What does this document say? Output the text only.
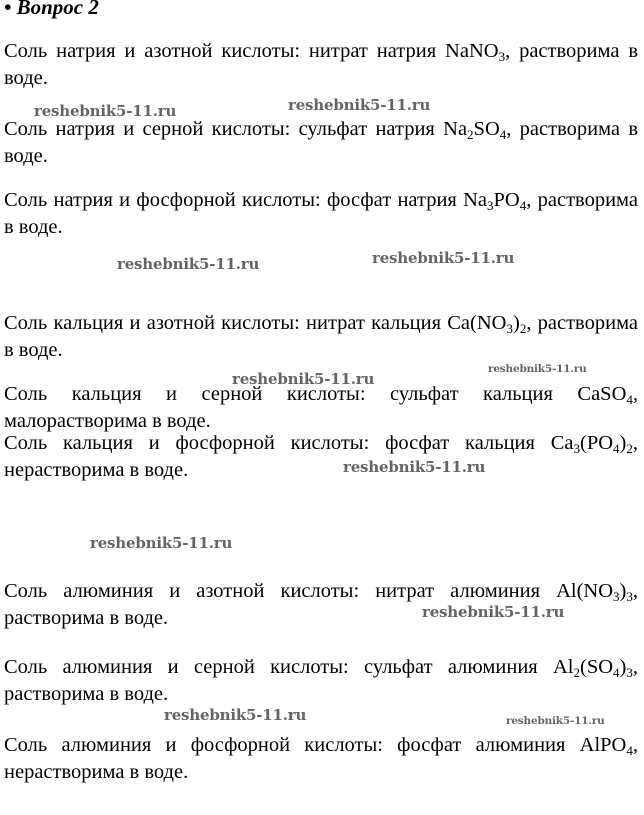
• Вопрос 2
Соль натрия и азотной кислоты: нитрат натрия NaNO$_3$, растворима в воде.
Соль натрия и серной кислоты: сульфат натрия $Na_2SO_4$, растворима в воде.
Соль натрия и фосфорной кислоты: фосфат натрия $Na_3PO_4$, растворима в воде.
Соль кальция и азотной кислоты: нитрат кальция $Ca(NO_3)_2$, растворима в воде.
Соль кальция и серной кислоты: сульфат кальция CaSO$_4$, малорастворима в воде.
Соль кальция и фосфорной кислоты: фосфат кальция $Ca_3(PO_4)_2$, нерастворима в воде.
Соль алюминия и азотной кислоты: нитрат алюминия $Al(NO_3)_3$, растворима в воде.
Соль алюминия и серной кислоты: сульфат алюминия $Al_2(SO_4)_3$, растворима в воде.
Соль алюминия и фосфорной кислоты: фосфат алюминия AlPO$_4$, нерастворима в воде.
reshebnik5-11.ru	reshebnik5-11.ru
reshebnik5-11.ru	reshebnik5-11.ru
reshebnik5-11.ru
reshebnik5-11.ru
reshebnik5-11.ru
reshebnik5-11.ru
reshebnik5-11.ru
reshebnik5-11.ru	reshebnik5-11.ru
